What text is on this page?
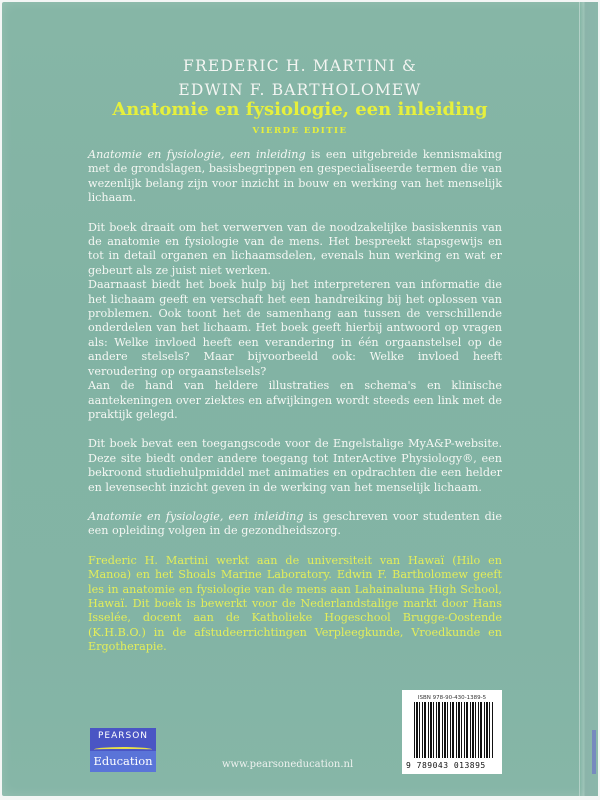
FREDERIC H. MARTINI &
EDWIN F. BARTHOLOMEW
Anatomie en fysiologie, een inleiding
VIERDE EDITIE

Anatomie en fysiologie, een inleiding is een uitgebreide kennismaking met de grondslagen, basisbegrippen en gespecialiseerde termen die van wezenlijk belang zijn voor inzicht in bouw en werking van het menselijk lichaam.

Dit boek draait om het verwerven van de noodzakelijke basiskennis van de anatomie en fysiologie van de mens. Het bespreekt stapsgewijs en tot in detail organen en lichaamsdelen, evenals hun werking en wat er gebeurt als ze juist niet werken.

Daarnaast biedt het boek hulp bij het interpreteren van informatie die het lichaam geeft en verschaft het een handreiking bij het oplossen van problemen. Ook toont het de samenhang aan tussen de verschillende onderdelen van het lichaam. Het boek geeft hierbij antwoord op vragen als: Welke invloed heeft een verandering in één orgaanstelsel op de andere stelsels? Maar bijvoorbeeld ook: Welke invloed heeft veroudering op orgaanstelsels?

Aan de hand van heldere illustraties en schema's en klinische aantekeningen over ziektes en afwijkingen wordt steeds een link met de praktijk gelegd.

Dit boek bevat een toegangscode voor de Engelstalige MyA&P-website. Deze site biedt onder andere toegang tot InterActive Physiology®, een bekroond studiehulpmiddel met animaties en opdrachten die een helder en levensecht inzicht geven in de werking van het menselijk lichaam.

Anatomie en fysiologie, een inleiding is geschreven voor studenten die een opleiding volgen in de gezondheidszorg.

Frederic H. Martini werkt aan de universiteit van Hawaï (Hilo en Manoa) en het Shoals Marine Laboratory. Edwin F. Bartholomew geeft les in anatomie en fysiologie van de mens aan Lahainaluna High School, Hawaï. Dit boek is bewerkt voor de Nederlandstalige markt door Hans Isselée, docent aan de Katholieke Hogeschool Brugge-Oostende (K.H.B.O.) in de afstudeerrichtingen Verpleegkunde, Vroedkunde en Ergotherapie.

ISBN 978-90-430-1389-5
9 789043 013895
PEARSON
Education	www.pearsoneducation.nl
